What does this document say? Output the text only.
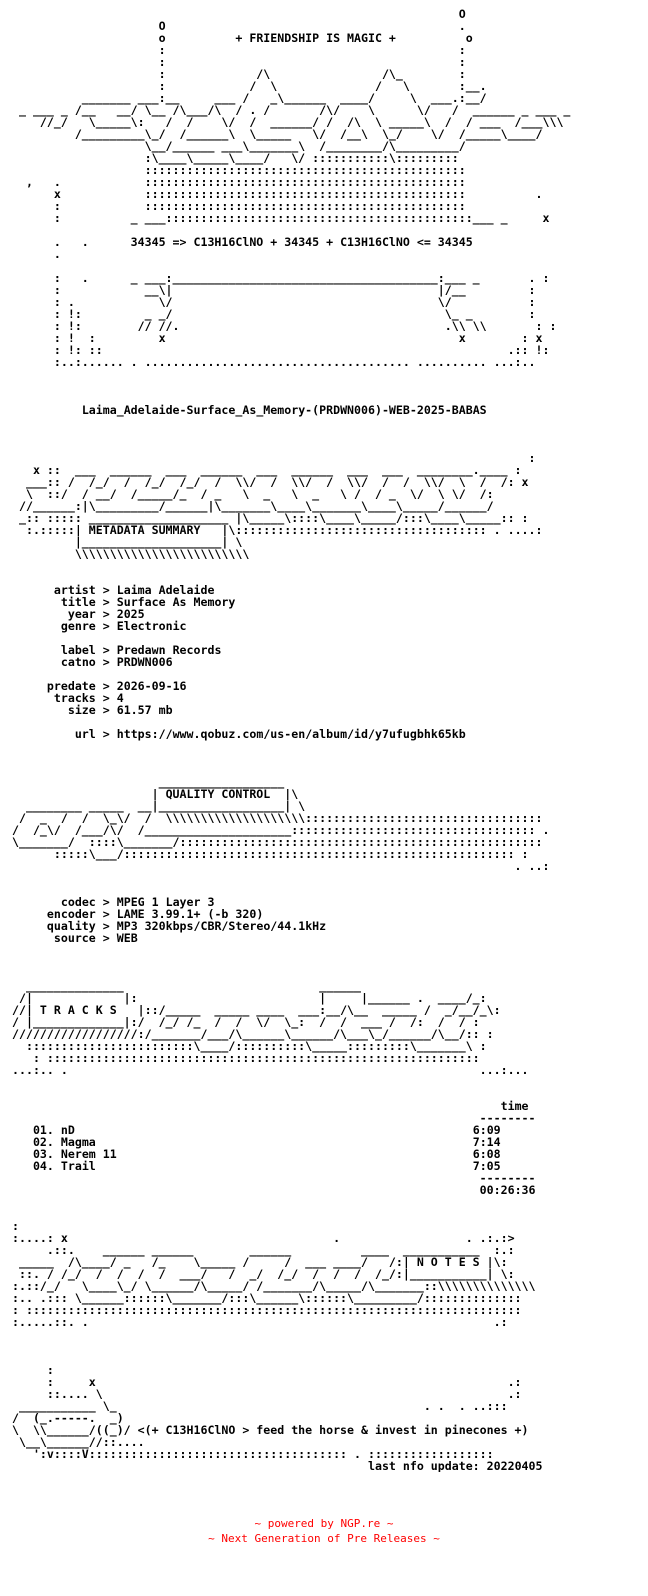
O
O                                          .
o	+ FRIENDSHIP IS MAGIC +	o
:                                          :
:                                          :
:             /\                /\_        :
:            /  \              /   \       :__.
_______ ___:__     ___ /   _\______  ____/     \  ___.:__/
_ ___ _ /__   __/ \__ /\___/\  / . /       /\/    \      \/   /  ______ _ ___ _
//_/   \_____\:   /  /    \/  /  ______/ /  /\  \ _____\  /  / ___  /___\\\
/_________\_/  /______\  \_____   \/  /__\  \_/    \/  /_____\____/
\__/______ ___\_______\  /________/\_________/
:\____\_____\____/   \/ :::::::::::\:::::::::
::::::::::::::::::::::::::::::::::::::::::::::
,   .            ::::::::::::::::::::::::::::::::::::::::::::::
x            ::::::::::::::::::::::::::::::::::::::::::::::          .
:            ::::::::::::::::::::::::::::::::::::::::::::::
:          _ ___::::::::::::::::::::::::::::::::::::::::::::___ _     x

.   .	34345 => C13H16ClNO + 34345 + C13H16ClNO <= 34345
.

:   .      _ ___:______________________________________:___ _       . :
:            __\|                                      |/__         :
: .            \/                                      \/           :
: !:         _ _/                                       \_ _        :
: !:        // //.                                      .\\ \\       : :
: !  :         x                                          x        : x
: !: ::                                                          .:: !:
:..:...... . ...................................... .......... ...:..

Laima_Adelaide-Surface_As_Memory-(PRDWN006)-WEB-2025-BABAS

:
x ::  ___  ______  ___  ______  ___  ______  ___  ___  ________.____ :
___:: /  /_/  /  /_/  /_/  /  \\/  /  \\/  /  \\/  /  /  \\/  \  /  /: x
\  ::/  / __/  /_____/_  / _   \  _   \  _   \ /  / _  \/  \ \/  /:
//______:|\_________/______|\_______\____\_______\____\_____/______/
_:: ::::: ____________________ |\_____\::::\____\_____/:::\____\_____:: :
:.:::::| METADATA SUMMARY   |\:::::::::::::::::::::::::::::::::::: . ....:
|____________________| \
\\\\\\\\\\\\\\\\\\\\\\\\\

artist > Laima Adelaide
title > Surface As Memory
year > 2025
genre > Electronic

label > Predawn Records
catno > PRDWN006

predate > 2026-09-16
tracks > 4
size > 61.57 mb

url > https://www.qobuz.com/us-en/album/id/y7ufugbhk65kb

__________________
| QUALITY CONTROL  |\
________ _____  __|__________________| \
/  _  /  /  \_\/  /  \\\\\\\\\\\\\\\\\\\\::::::::::::::::::::::::::::::::::
/  /_\/  /___/\/  /_____________________::::::::::::::::::::::::::::::::::: .
\_______/  ::::\_______/::::::::::::::::::::::::::::::::::::::::::::::::::::
:::::\___/:::::::::::::::::::::::::::::::::::::::::::::::::::::::: :
. ..:

codec > MPEG 1 Layer 3
encoder > LAME 3.99.1+ (-b 320)
quality > MP3 320kbps/CBR/Stereo/44.1kHz
source > WEB

______________                            ______
/|             |:                          |     |______ .  ____/_:
//| T R A C K S   |::/_____  _____ ____  ___:__/\__  _____ /  _/__/_\:
/ |_____________|:/  /_/ /_  /  /  \/  \_:  /  /  ___ /  /:  /  / :
//////////////////:/_______/___/\______\______/\___\_/______/\__/:: :
::::::::::::::::::::::::\____/::::::::::\_____:::::::::\_______\ :
: ::::::::::::::::::::::::::::::::::::::::::::::::::::::::::::::
...:.. .                                                           ...:...

time
--------
01. nD	6:09
02. Magma	7:14
03. Nerem 11	6:08
04. Trail	7:05
--------
00:26:36

:
:....: x                                      .                  . .:.:>
.::.    ______ ______        ______          ____  ___________  :.:
_____  /\____/ _   /_    \_____ /     /  ___ ____/   /:| N O T E S |\:
::. / /_/  /  /  /  /  ___/   /  _/  /_/  /  /  /  /_/:|___________| \:
:.::/_/   \____\_/ \______/\_____/ /_______/\_____/\_______::\\\\\\\\\\\\\\
:.. .::: \______::::::\_______/:::\______\::::::\_________/::::::::::::::
: :::::::::::::::::::::::::::::::::::::::::::::::::::::::::::::::::::::::
:.....::. .                                                          .:

:
:     x                                                           .:
::.... \                                                          .:
___________ \_                                            . .  . ..:::
/  (_.-----.  _)
\  \\______/((_)/ <(+ C13H16ClNO > feed the horse & invest in pinecones +)
\__\______//::....
':v::::V::::::::::::::::::::::::::::::::::::: . ::::::::::::::::::
last nfo update: 20220405
~ powered by NGP.re ~
~ Next Generation of Pre Releases ~
